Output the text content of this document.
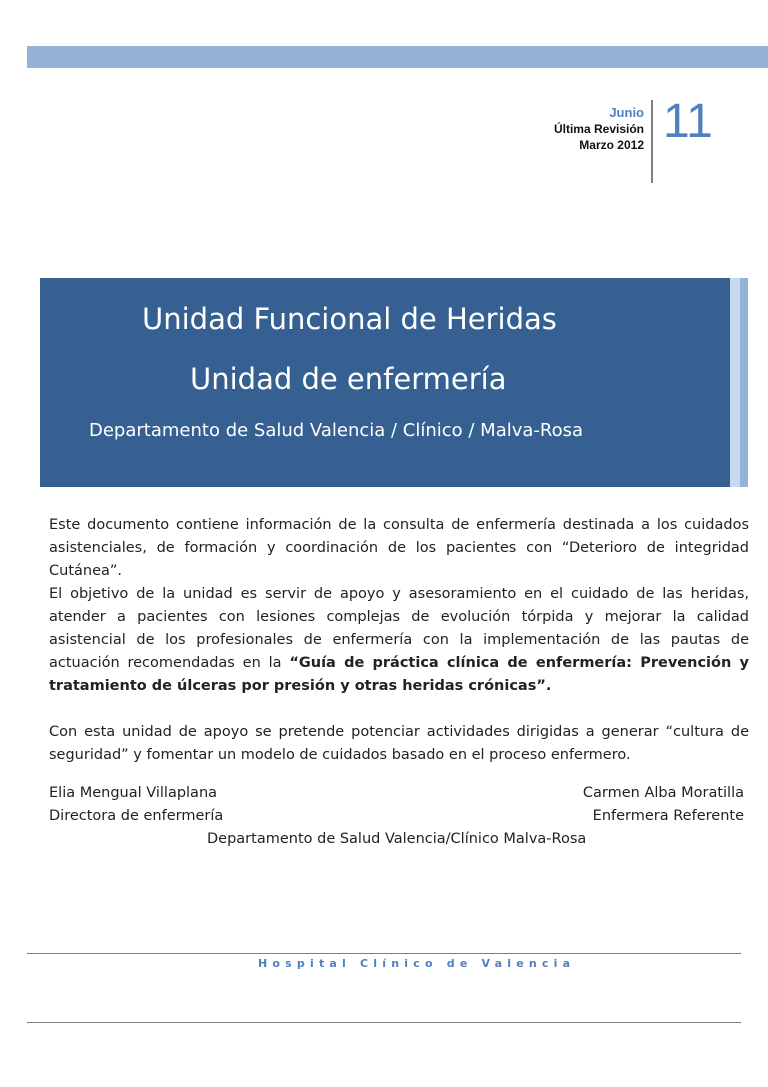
Junio
Última Revisión
Marzo 2012 11
Unidad Funcional de Heridas
Unidad de enfermería
Departamento de Salud Valencia / Clínico / Malva-Rosa

Este documento contiene información de la consulta de enfermería destinada a los cuidados asistenciales, de formación y coordinación de los pacientes con “Deterioro de integridad Cutánea”.

El objetivo de la unidad es servir de apoyo y asesoramiento en el cuidado de las heridas, atender a pacientes con lesiones complejas de evolución tórpida y mejorar la calidad asistencial de los profesionales de enfermería con la implementación de las pautas de actuación recomendadas en la “Guía de práctica clínica de enfermería: Prevención y tratamiento de úlceras por presión y otras heridas crónicas”.

Con esta unidad de apoyo se pretende potenciar actividades dirigidas a generar “cultura de seguridad” y fomentar un modelo de cuidados basado en el proceso enfermero.

Elia Mengual Villaplana
Directora de enfermería
Carmen Alba Moratilla
Enfermera Referente
Departamento de Salud Valencia/Clínico Malva-Rosa
Hospital Clínico de Valencia
